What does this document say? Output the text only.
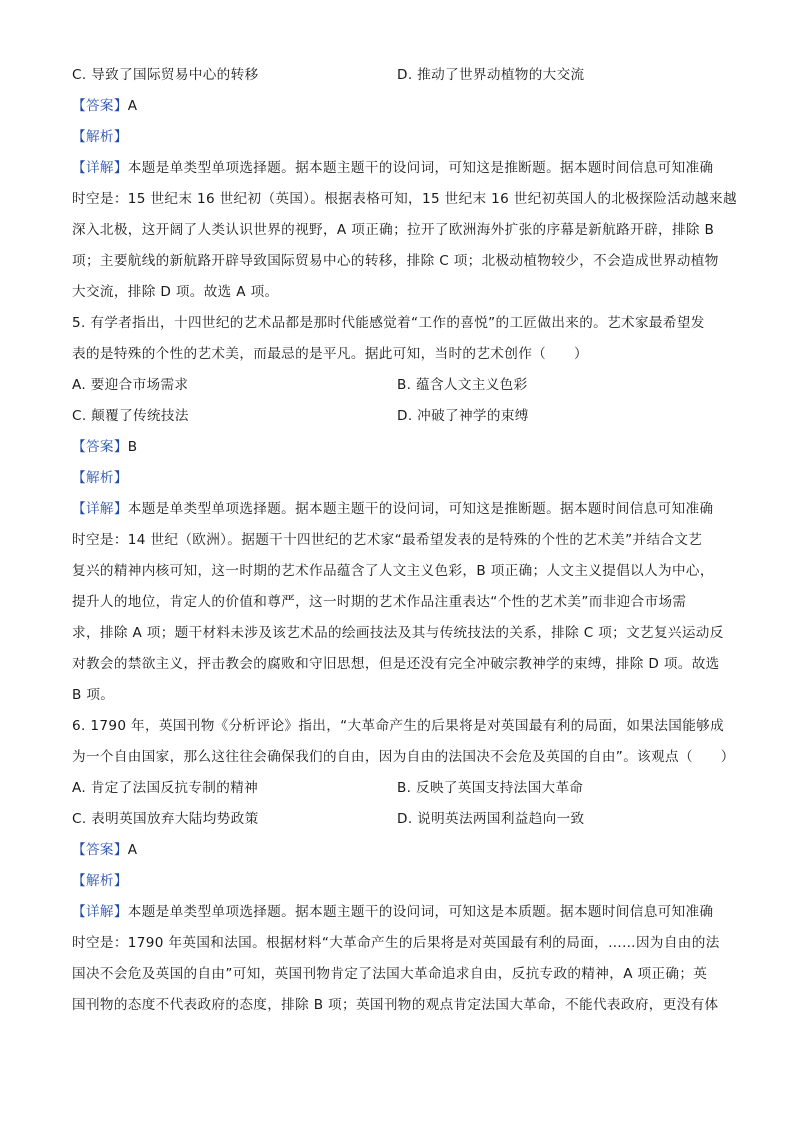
C. 导致了国际贸易中心的转移	D. 推动了世界动植物的大交流
【答案】A
【解析】
【详解】本题是单类型单项选择题。据本题主题干的设问词，可知这是推断题。据本题时间信息可知准确
时空是：15 世纪末 16 世纪初（英国）。根据表格可知，15 世纪末 16 世纪初英国人的北极探险活动越来越
深入北极，这开阔了人类认识世界的视野，A 项正确；拉开了欧洲海外扩张的序幕是新航路开辟，排除 B
项；主要航线的新航路开辟导致国际贸易中心的转移，排除 C 项；北极动植物较少，不会造成世界动植物
大交流，排除 D 项。故选 A 项。
5. 有学者指出，十四世纪的艺术品都是那时代能感觉着“工作的喜悦”的工匠做出来的。艺术家最希望发
表的是特殊的个性的艺术美，而最忌的是平凡。据此可知，当时的艺术创作（　　）
A. 要迎合市场需求	B. 蕴含人文主义色彩
C. 颠覆了传统技法	D. 冲破了神学的束缚
【答案】B
【解析】
【详解】本题是单类型单项选择题。据本题主题干的设问词，可知这是推断题。据本题时间信息可知准确
时空是：14 世纪（欧洲）。据题干十四世纪的艺术家“最希望发表的是特殊的个性的艺术美”并结合文艺
复兴的精神内核可知，这一时期的艺术作品蕴含了人文主义色彩，B 项正确；人文主义提倡以人为中心，
提升人的地位，肯定人的价值和尊严，这一时期的艺术作品注重表达“个性的艺术美”而非迎合市场需
求，排除 A 项；题干材料未涉及该艺术品的绘画技法及其与传统技法的关系，排除 C 项；文艺复兴运动反
对教会的禁欲主义，抨击教会的腐败和守旧思想，但是还没有完全冲破宗教神学的束缚，排除 D 项。故选
B 项。
6. 1790 年，英国刊物《分析评论》指出，“大革命产生的后果将是对英国最有利的局面，如果法国能够成
为一个自由国家，那么这往往会确保我们的自由，因为自由的法国决不会危及英国的自由”。该观点（　　）
A. 肯定了法国反抗专制的精神	B. 反映了英国支持法国大革命
C. 表明英国放弃大陆均势政策	D. 说明英法两国利益趋向一致
【答案】A
【解析】
【详解】本题是单类型单项选择题。据本题主题干的设问词，可知这是本质题。据本题时间信息可知准确
时空是：1790 年英国和法国。根据材料“大革命产生的后果将是对英国最有利的局面，……因为自由的法
国决不会危及英国的自由”可知，英国刊物肯定了法国大革命追求自由，反抗专政的精神，A 项正确；英
国刊物的态度不代表政府的态度，排除 B 项；英国刊物的观点肯定法国大革命，不能代表政府，更没有体
